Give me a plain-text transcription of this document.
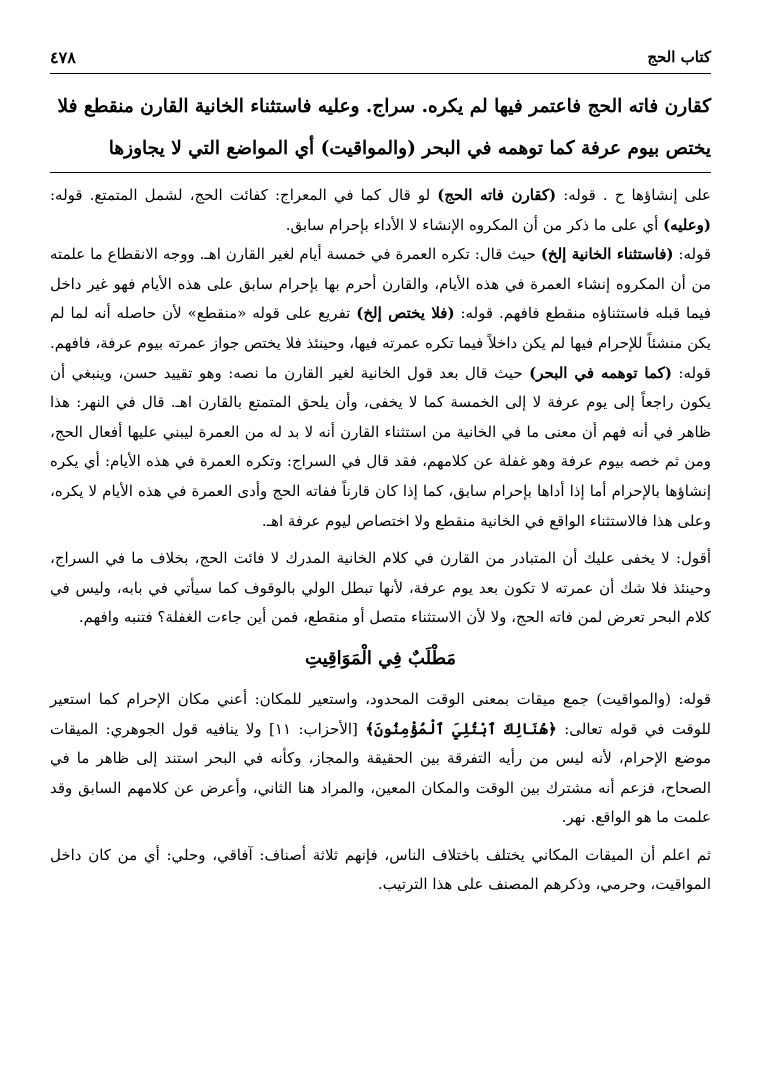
كتاب الحج
٤٧٨
كقارن فاته الحج فاعتمر فيها لم يكره. سراج. وعليه فاستثناء الخانية القارن منقطع فلا
يختص بيوم عرفة كما توهمه في البحر (والمواقيت) أي المواضع التي لا يجاوزها

على إنشاؤها ح . قوله: (كقارن فاته الحج) لو قال كما في المعراج: كفائت الحج، لشمل المتمتع. قوله: (وعليه) أي على ما ذكر من أن المكروه الإنشاء لا الأداء بإحرام سابق.

قوله: (فاستثناء الخانية إلخ) حيث قال: تكره العمرة في خمسة أيام لغير القارن اهـ. ووجه الانقطاع ما علمته من أن المكروه إنشاء العمرة في هذه الأيام، والقارن أحرم بها بإحرام سابق على هذه الأيام فهو غير داخل فيما قبله فاستثناؤه منقطع فافهم. قوله: (فلا يختص إلخ) تفريع على قوله «منقطع» لأن حاصله أنه لما لم يكن منشئاً للإحرام فيها لم يكن داخلاً فيما تكره عمرته فيها، وحينئذ فلا يختص جواز عمرته بيوم عرفة، فافهم. قوله: (كما توهمه في البحر) حيث قال بعد قول الخانية لغير القارن ما نصه: وهو تقييد حسن، وينبغي أن يكون راجعاً إلى يوم عرفة لا إلى الخمسة كما لا يخفى، وأن يلحق المتمتع بالقارن اهـ. قال في النهر: هذا ظاهر في أنه فهم أن معنى ما في الخانية من استثناء القارن أنه لا بد له من العمرة ليبني عليها أفعال الحج، ومن ثم خصه بيوم عرفة وهو غفلة عن كلامهم، فقد قال في السراج: وتكره العمرة في هذه الأيام: أي يكره إنشاؤها بالإحرام أما إذا أداها بإحرام سابق، كما إذا كان قارناً ففاته الحج وأدى العمرة في هذه الأيام لا يكره، وعلى هذا فالاستثناء الواقع في الخانية منقطع ولا اختصاص ليوم عرفة اهـ.

أقول: لا يخفى عليك أن المتبادر من القارن في كلام الخانية المدرك لا فائت الحج، بخلاف ما في السراج، وحينئذ فلا شك أن عمرته لا تكون بعد يوم عرفة، لأنها تبطل الولي بالوقوف كما سيأتي في بابه، وليس في كلام البحر تعرض لمن فاته الحج، ولا لأن الاستثناء متصل أو منقطع، فمن أين جاءت الغفلة؟ فتنبه وافهم.

مَطْلَبٌ فِي الْمَوَاقِيتِ

قوله: (والمواقيت) جمع ميقات بمعنى الوقت المحدود، واستعير للمكان: أعني مكان الإحرام كما استعير للوقت في قوله تعالى: ﴿هُنَالِكَ ٱبْتُلِيَ ٱلْمُؤْمِنُونَ﴾ [الأحزاب: ١١] ولا ينافيه قول الجوهري: الميقات موضع الإحرام، لأنه ليس من رأيه التفرقة بين الحقيقة والمجاز، وكأنه في البحر استند إلى ظاهر ما في الصحاح، فزعم أنه مشترك بين الوقت والمكان المعين، والمراد هنا الثاني، وأعرض عن كلامهم السابق وقد علمت ما هو الواقع. نهر.

ثم اعلم أن الميقات المكاني يختلف باختلاف الناس، فإنهم ثلاثة أصناف: آفاقي، وحلي: أي من كان داخل المواقيت، وحرمي، وذكرهم المصنف على هذا الترتيب.
